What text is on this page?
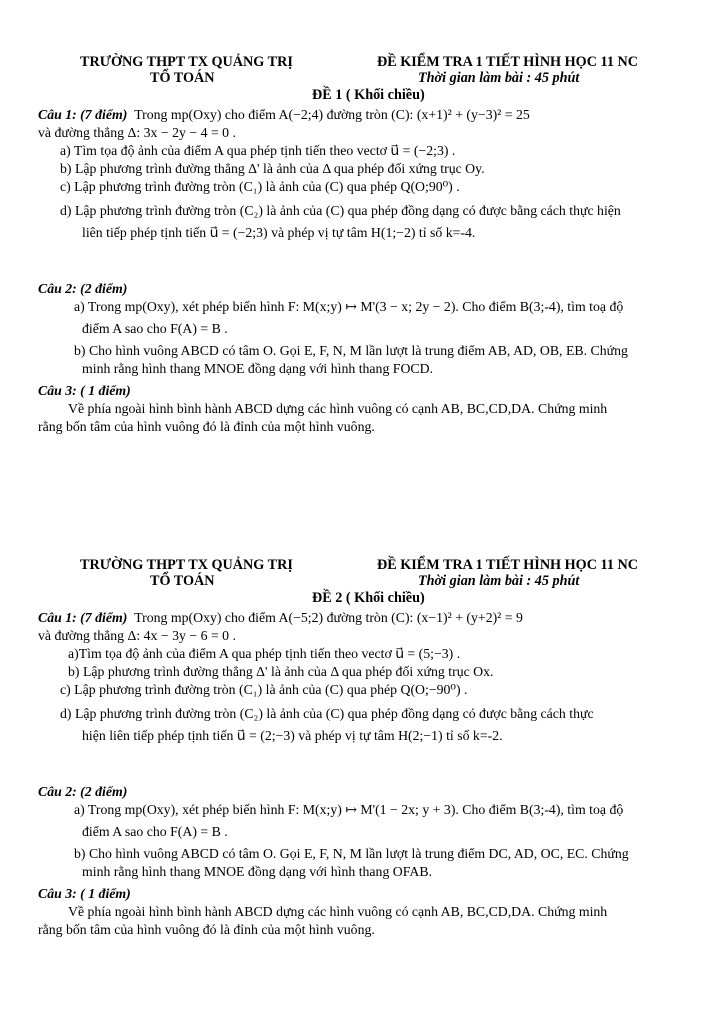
TRƯỜNG THPT TX QUẢNG TRỊ
TỔ TOÁN
ĐỀ KIỂM TRA 1 TIẾT HÌNH HỌC 11 NC
Thời gian làm bài : 45 phút
ĐỀ 1 ( Khối chiều)

Câu 1: (7 điểm) Trong mp(Oxy) cho điểm A(−2;4) đường tròn (C): (x+1)² + (y−3)² = 25

và đường thẳng Δ: 3x − 2y − 4 = 0 .

a) Tìm tọa độ ảnh của điểm A qua phép tịnh tiến theo vectơ u⃗ = (−2;3) .

b) Lập phương trình đường thẳng Δ' là ảnh của Δ qua phép đối xứng trục Oy.

c) Lập phương trình đường tròn (C₁) là ảnh của (C) qua phép Q(O;90⁰) .

d) Lập phương trình đường tròn (C₂) là ảnh của (C) qua phép đồng dạng có được bằng cách thực hiện

liên tiếp phép tịnh tiến u⃗ = (−2;3) và phép vị tự tâm H(1;−2) tỉ số k=-4.

Câu 2: (2 điểm)

a) Trong mp(Oxy), xét phép biến hình F: M(x;y) ↦ M'(3 − x; 2y − 2). Cho điểm B(3;-4), tìm toạ độ

điểm A sao cho F(A) = B .

b) Cho hình vuông ABCD có tâm O. Gọi E, F, N, M lần lượt là trung điểm AB, AD, OB, EB. Chứng

minh rằng hình thang MNOE đồng dạng với hình thang FOCD.

Câu 3: ( 1 điểm)

Về phía ngoài hình bình hành ABCD dựng các hình vuông có cạnh AB, BC,CD,DA. Chứng minh

rằng bốn tâm của hình vuông đó là đỉnh của một hình vuông.

TRƯỜNG THPT TX QUẢNG TRỊ
TỔ TOÁN
ĐỀ KIỂM TRA 1 TIẾT HÌNH HỌC 11 NC
Thời gian làm bài : 45 phút
ĐỀ 2 ( Khối chiều)

Câu 1: (7 điểm) Trong mp(Oxy) cho điểm A(−5;2) đường tròn (C): (x−1)² + (y+2)² = 9

và đường thẳng Δ: 4x − 3y − 6 = 0 .

a)Tìm tọa độ ảnh của điểm A qua phép tịnh tiến theo vectơ u⃗ = (5;−3) .

b) Lập phương trình đường thẳng Δ' là ảnh của Δ qua phép đối xứng trục Ox.

c) Lập phương trình đường tròn (C₁) là ảnh của (C) qua phép Q(O;−90⁰) .

d) Lập phương trình đường tròn (C₂) là ảnh của (C) qua phép đồng dạng có được bằng cách thực

hiện liên tiếp phép tịnh tiến u⃗ = (2;−3) và phép vị tự tâm H(2;−1) tỉ số k=-2.

Câu 2: (2 điểm)

a) Trong mp(Oxy), xét phép biến hình F: M(x;y) ↦ M'(1 − 2x; y + 3). Cho điểm B(3;-4), tìm toạ độ

điểm A sao cho F(A) = B .

b) Cho hình vuông ABCD có tâm O. Gọi E, F, N, M lần lượt là trung điểm DC, AD, OC, EC. Chứng

minh rằng hình thang MNOE đồng dạng với hình thang OFAB.

Câu 3: ( 1 điểm)

Về phía ngoài hình bình hành ABCD dựng các hình vuông có cạnh AB, BC,CD,DA. Chứng minh

rằng bốn tâm của hình vuông đó là đỉnh của một hình vuông.
